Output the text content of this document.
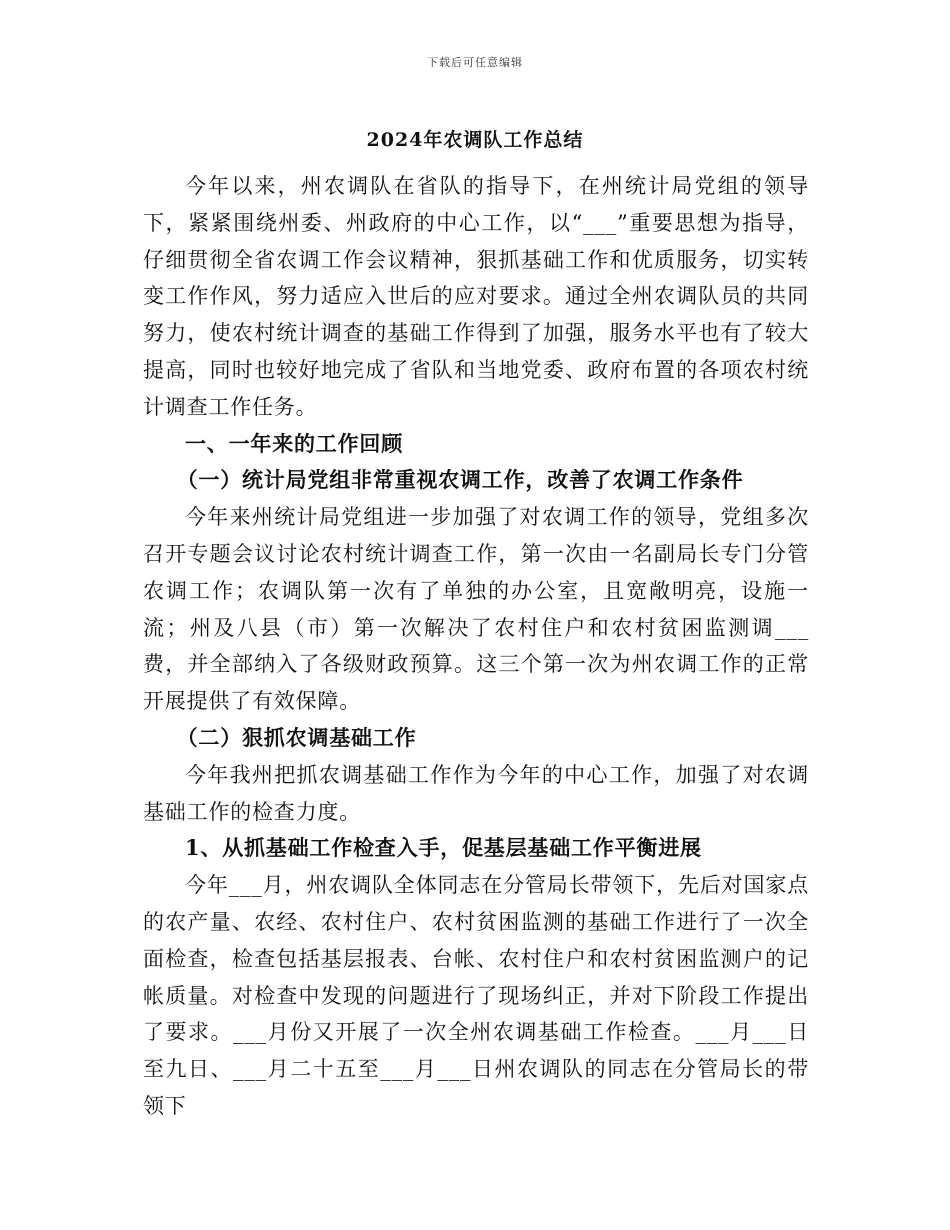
下载后可任意编辑
2024年农调队工作总结

今年以来，州农调队在省队的指导下，在州统计局党组的领导下，紧紧围绕州委、州政府的中心工作，以“___”重要思想为指导，仔细贯彻全省农调工作会议精神，狠抓基础工作和优质服务，切实转变工作作风，努力适应入世后的应对要求。通过全州农调队员的共同努力，使农村统计调查的基础工作得到了加强，服务水平也有了较大提高，同时也较好地完成了省队和当地党委、政府布置的各项农村统计调查工作任务。

一、一年来的工作回顾

（一）统计局党组非常重视农调工作，改善了农调工作条件

今年来州统计局党组进一步加强了对农调工作的领导，党组多次召开专题会议讨论农村统计调查工作，第一次由一名副局长专门分管农调工作；农调队第一次有了单独的办公室，且宽敞明亮，设施一流；州及八县（市）第一次解决了农村住户和农村贫困监测调___费，并全部纳入了各级财政预算。这三个第一次为州农调工作的正常开展提供了有效保障。

（二）狠抓农调基础工作

今年我州把抓农调基础工作作为今年的中心工作，加强了对农调基础工作的检查力度。

1、从抓基础工作检查入手，促基层基础工作平衡进展

今年___月，州农调队全体同志在分管局长带领下，先后对国家点的农产量、农经、农村住户、农村贫困监测的基础工作进行了一次全面检查，检查包括基层报表、台帐、农村住户和农村贫困监测户的记帐质量。对检查中发现的问题进行了现场纠正，并对下阶段工作提出了要求。___月份又开展了一次全州农调基础工作检查。___月___日至九日、___月二十五至___月___日州农调队的同志在分管局长的带领下
